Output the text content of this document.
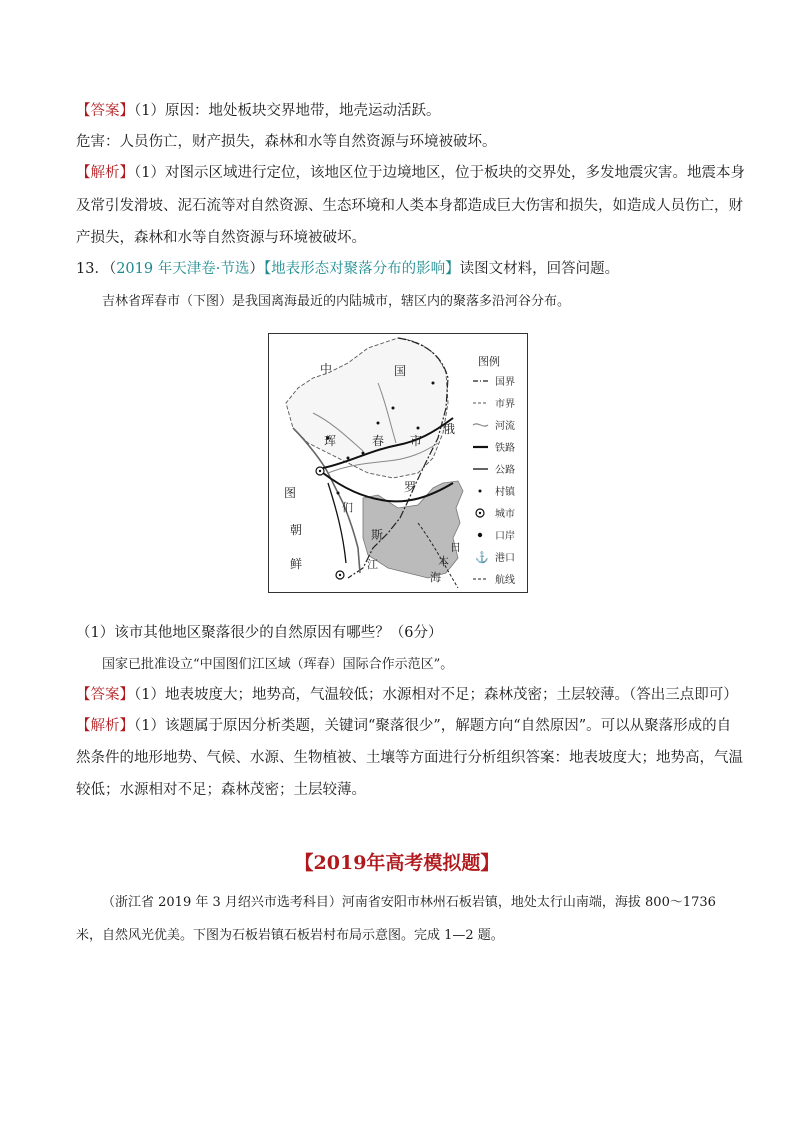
【答案】（1）原因：地处板块交界地带，地壳运动活跃。
危害：人员伤亡，财产损失，森林和水等自然资源与环境被破坏。
【解析】（1）对图示区域进行定位，该地区位于边境地区，位于板块的交界处，多发地震灾害。地震本身
及常引发滑坡、泥石流等对自然资源、生态环境和人类本身都造成巨大伤害和损失，如造成人员伤亡，财
产损失，森林和水等自然资源与环境被破坏。
13．（2019 年天津卷·节选）【地表形态对聚落分布的影响】读图文材料，回答问题。
吉林省珲春市（下图）是我国离海最近的内陆城市，辖区内的聚落多沿河谷分布。
中	国
珲	春 市
俄
罗
斯
图
们
江
朝
鲜
日
本
海
图例
国界
市界
河流
铁路
公路
村镇
城市
口岸
⚓ 港口
航线
（1）该市其他地区聚落很少的自然原因有哪些？（6分）
国家已批准设立“中国图们江区域（珲春）国际合作示范区”。
【答案】（1）地表坡度大；地势高，气温较低；水源相对不足；森林茂密；土层较薄。（答出三点即可）
【解析】（1）该题属于原因分析类题，关键词“聚落很少”，解题方向“自然原因”。可以从聚落形成的自
然条件的地形地势、气候、水源、生物植被、土壤等方面进行分析组织答案：地表坡度大；地势高，气温
较低；水源相对不足；森林茂密；土层较薄。
【2019年高考模拟题】
（浙江省 2019 年 3 月绍兴市选考科目）河南省安阳市林州石板岩镇，地处太行山南端，海拔 800～1736
米，自然风光优美。下图为石板岩镇石板岩村布局示意图。完成 1—2 题。
